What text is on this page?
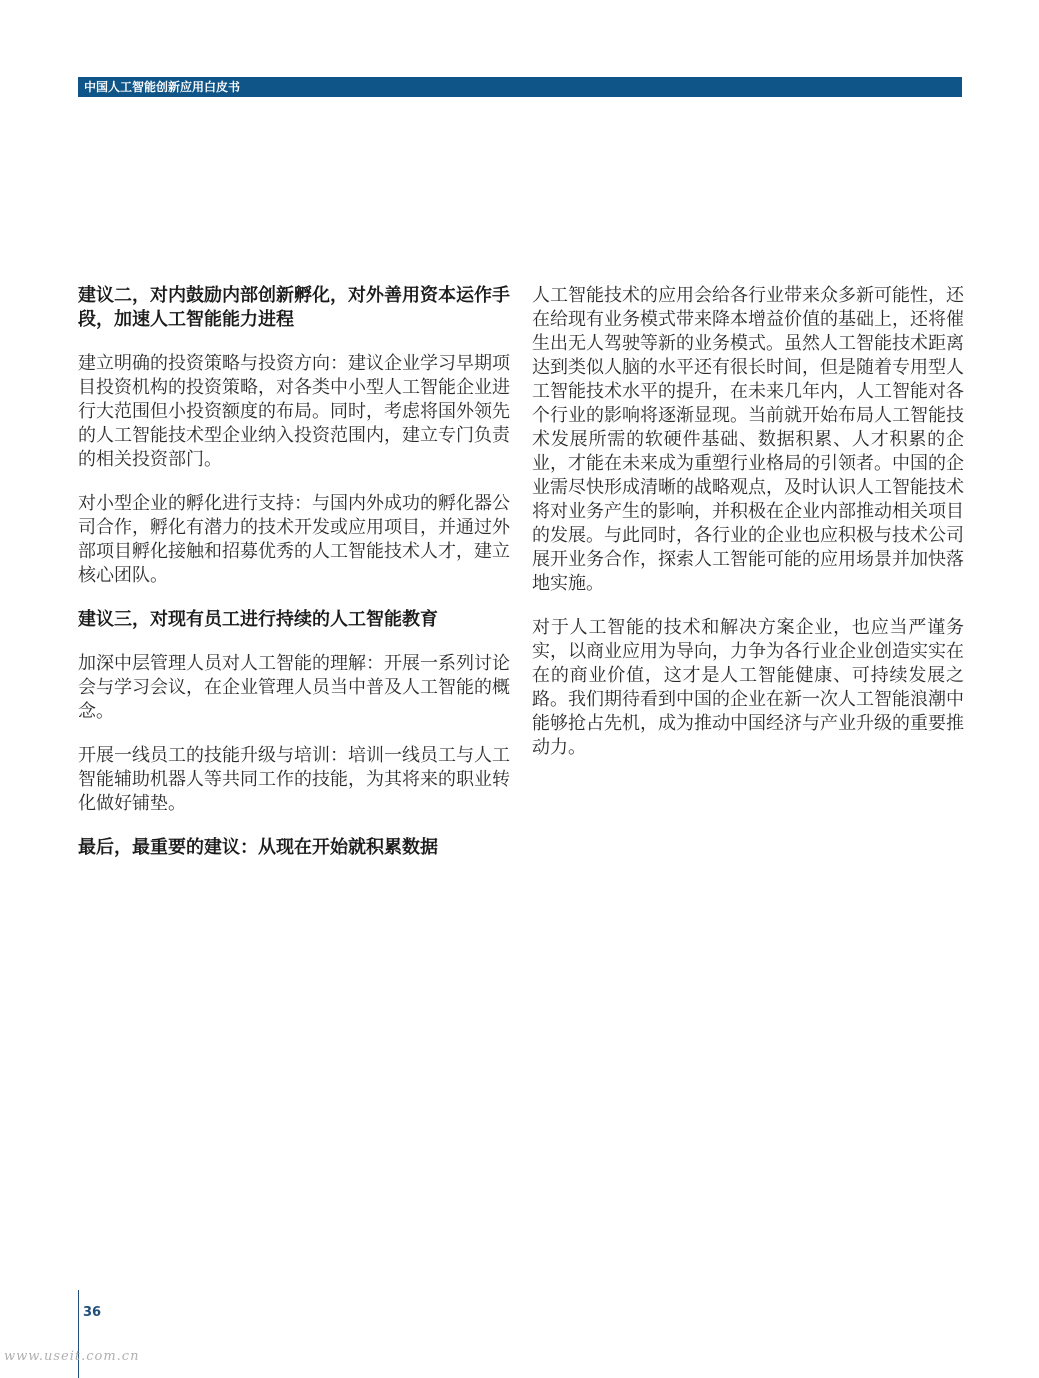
中国人工智能创新应用白皮书
建议二，对内鼓励内部创新孵化，对外善用资本运作手段，加速人工智能能力进程
建立明确的投资策略与投资方向：建议企业学习早期项目投资机构的投资策略，对各类中小型人工智能企业进行大范围但小投资额度的布局。同时，考虑将国外领先的人工智能技术型企业纳入投资范围内，建立专门负责的相关投资部门。
对小型企业的孵化进行支持：与国内外成功的孵化器公司合作，孵化有潜力的技术开发或应用项目，并通过外部项目孵化接触和招募优秀的人工智能技术人才，建立核心团队。
建议三，对现有员工进行持续的人工智能教育
加深中层管理人员对人工智能的理解：开展一系列讨论会与学习会议，在企业管理人员当中普及人工智能的概念。
开展一线员工的技能升级与培训：培训一线员工与人工智能辅助机器人等共同工作的技能，为其将来的职业转化做好铺垫。
最后，最重要的建议：从现在开始就积累数据
人工智能技术的应用会给各行业带来众多新可能性，还在给现有业务模式带来降本增益价值的基础上，还将催生出无人驾驶等新的业务模式。虽然人工智能技术距离达到类似人脑的水平还有很长时间，但是随着专用型人工智能技术水平的提升，在未来几年内，人工智能对各个行业的影响将逐渐显现。当前就开始布局人工智能技术发展所需的软硬件基础、数据积累、人才积累的企业，才能在未来成为重塑行业格局的引领者。中国的企业需尽快形成清晰的战略观点，及时认识人工智能技术将对业务产生的影响，并积极在企业内部推动相关项目的发展。与此同时，各行业的企业也应积极与技术公司展开业务合作，探索人工智能可能的应用场景并加快落地实施。
对于人工智能的技术和解决方案企业，也应当严谨务实，以商业应用为导向，力争为各行业企业创造实实在在的商业价值，这才是人工智能健康、可持续发展之路。我们期待看到中国的企业在新一次人工智能浪潮中能够抢占先机，成为推动中国经济与产业升级的重要推动力。
36
www.useit.com.cn
